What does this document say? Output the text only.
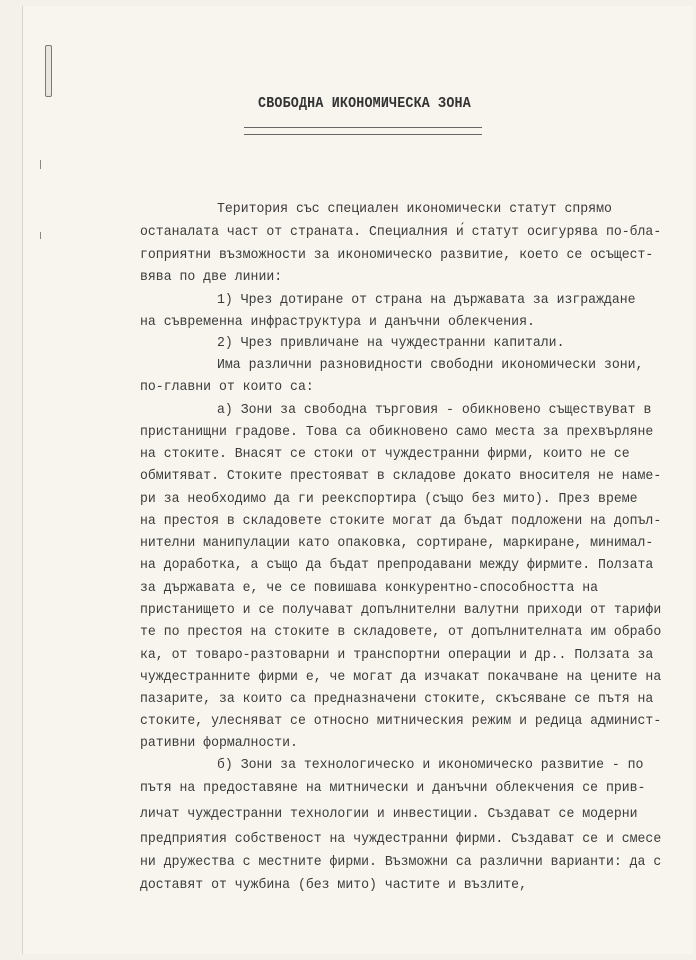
СВОБОДНА ИКОНОМИЧЕСКА ЗОНА
Територия със специален икономически статут спрямо
останалата част от страната. Специалния и́ статут осигурява по-бла-
гоприятни възможности за икономическо развитие, което се осъщест-
вява по две линии:
1) Чрез дотиране от страна на държавата за изграждане
на съвременна инфраструктура и данъчни облекчения.
2) Чрез привличане на чуждестранни капитали.
Има различни разновидности свободни икономически зони,
по-главни от които са:
а) Зони за свободна търговия - обикновено съществуват в
пристанищни градове. Това са обикновено само места за прехвърляне
на стоките. Внасят се стоки от чуждестранни фирми, които не се
обмитяват. Стоките престояват в складове докато вносителя не наме-
ри за необходимо да ги реекспортира (също без мито). През време
на престоя в складовете стоките могат да бъдат подложени на допъл-
нителни манипулации като опаковка, сортиране, маркиране, минимал-
на доработка, а също да бъдат препродавани между фирмите. Ползата
за държавата е, че се повишава конкурентно-способността на
пристанището и се получават допълнителни валутни приходи от тарифи
те по престоя на стоките в складовете, от допълнителната им обрабо
ка, от товаро-разтоварни и транспортни операции и др.. Ползата за
чуждестранните фирми е, че могат да изчакат покачване на цените на
пазарите, за които са предназначени стоките, скъсяване се пътя на
стоките, улесняват се относно митническия режим и редица админист-
ративни формалности.
б) Зони за технологическо и икономическо развитие - по
пътя на предоставяне на митнически и данъчни облекчения се прив-
личат чуждестранни технологии и инвестиции. Създават се модерни
предприятия собственост на чуждестранни фирми. Създават се и смесе
ни дружества с местните фирми. Възможни са различни варианти: да с
доставят от чужбина (без мито) частите и възлите,
